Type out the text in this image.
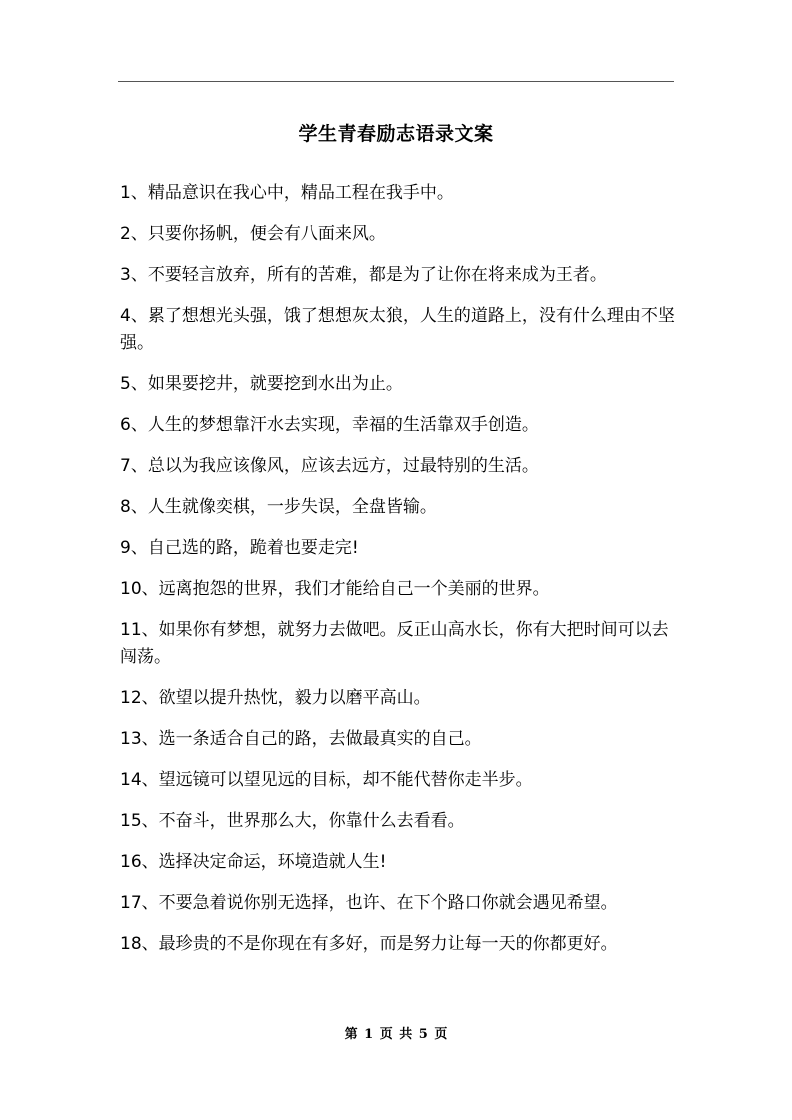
学生青春励志语录文案
1、精品意识在我心中，精品工程在我手中。
2、只要你扬帆，便会有八面来风。
3、不要轻言放弃，所有的苦难，都是为了让你在将来成为王者。
4、累了想想光头强，饿了想想灰太狼，人生的道路上，没有什么理由不坚强。
5、如果要挖井，就要挖到水出为止。
6、人生的梦想靠汗水去实现，幸福的生活靠双手创造。
7、总以为我应该像风，应该去远方，过最特别的生活。
8、人生就像奕棋，一步失误，全盘皆输。
9、自己选的路，跪着也要走完!
10、远离抱怨的世界，我们才能给自己一个美丽的世界。
11、如果你有梦想，就努力去做吧。反正山高水长，你有大把时间可以去闯荡。
12、欲望以提升热忱，毅力以磨平高山。
13、选一条适合自己的路，去做最真实的自己。
14、望远镜可以望见远的目标，却不能代替你走半步。
15、不奋斗，世界那么大，你靠什么去看看。
16、选择决定命运，环境造就人生!
17、不要急着说你别无选择，也许、在下个路口你就会遇见希望。
18、最珍贵的不是你现在有多好，而是努力让每一天的你都更好。
第 1 页 共 5 页
